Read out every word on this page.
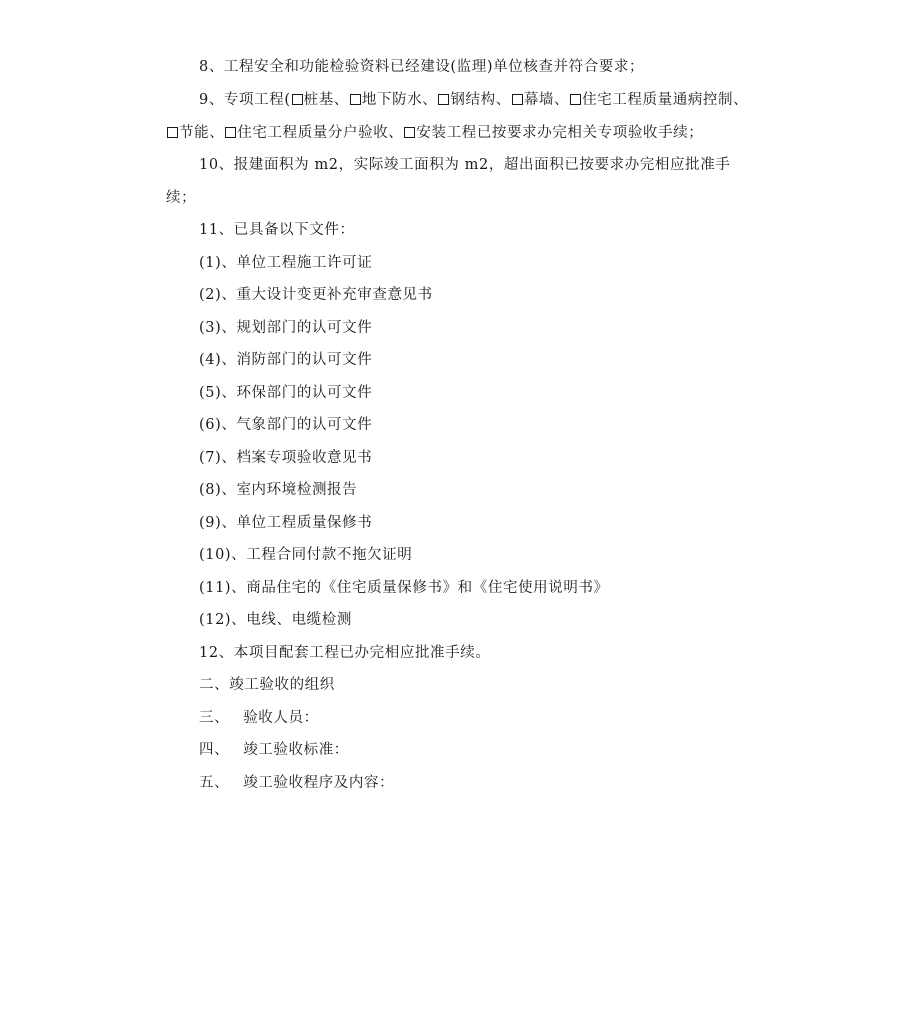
8、工程安全和功能检验资料已经建设(监理)单位核查并符合要求；
9、专项工程( 桩基、 地下防水、 钢结构、 幕墙、 住宅工程质量通病控制、
节能、 住宅工程质量分户验收、 安装工程已按要求办完相关专项验收手续；
10、报建面积为 m2，实际竣工面积为 m2，超出面积已按要求办完相应批准手
续；
11、已具备以下文件：
(1)、单位工程施工许可证
(2)、重大设计变更补充审查意见书
(3)、规划部门的认可文件
(4)、消防部门的认可文件
(5)、环保部门的认可文件
(6)、气象部门的认可文件
(7)、档案专项验收意见书
(8)、室内环境检测报告
(9)、单位工程质量保修书
(10)、工程合同付款不拖欠证明
(11)、商品住宅的《住宅质量保修书》和《住宅使用说明书》
(12)、电线、电缆检测
12、本项目配套工程已办完相应批准手续。
二、竣工验收的组织
三、 验收人员：
四、 竣工验收标准：
五、 竣工验收程序及内容：
